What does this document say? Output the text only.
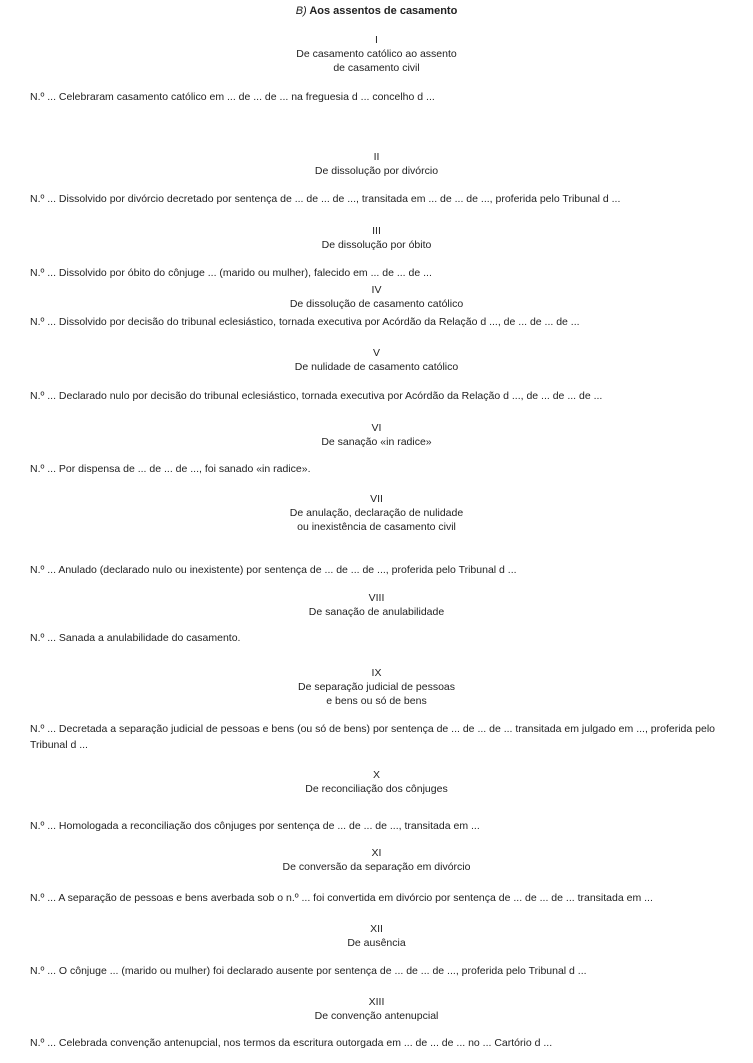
B) Aos assentos de casamento
I
De casamento católico ao assento
de casamento civil
N.º ... Celebraram casamento católico em ... de ... de ... na freguesia d ... concelho d ...
II
De dissolução por divórcio
N.º ... Dissolvido por divórcio decretado por sentença de ... de ... de ..., transitada em ... de ... de ..., proferida pelo Tribunal d ...
III
De dissolução por óbito
N.º ... Dissolvido por óbito do cônjuge ... (marido ou mulher), falecido em ... de ... de ...
IV
De dissolução de casamento católico
N.º ... Dissolvido por decisão do tribunal eclesiástico, tornada executiva por Acórdão da Relação d ..., de ... de ... de ...
V
De nulidade de casamento católico
N.º ... Declarado nulo por decisão do tribunal eclesiástico, tornada executiva por Acórdão da Relação d ..., de ... de ... de ...
VI
De sanação «in radice»
N.º ... Por dispensa de ... de ... de ..., foi sanado «in radice».
VII
De anulação, declaração de nulidade
ou inexistência de casamento civil
N.º ... Anulado (declarado nulo ou inexistente) por sentença de ... de ... de ..., proferida pelo Tribunal d ...
VIII
De sanação de anulabilidade
N.º ... Sanada a anulabilidade do casamento.
IX
De separação judicial de pessoas
e bens ou só de bens
N.º ... Decretada a separação judicial de pessoas e bens (ou só de bens) por sentença de ... de ... de ... transitada em julgado em ..., proferida pelo Tribunal d ...
X
De reconciliação dos cônjuges
N.º ... Homologada a reconciliação dos cônjuges por sentença de ... de ... de ..., transitada em ...
XI
De conversão da separação em divórcio
N.º ... A separação de pessoas e bens averbada sob o n.º ... foi convertida em divórcio por sentença de ... de ... de ... transitada em ...
XII
De ausência
N.º ... O cônjuge ... (marido ou mulher) foi declarado ausente por sentença de ... de ... de ..., proferida pelo Tribunal d ...
XIII
De convenção antenupcial
N.º ... Celebrada convenção antenupcial, nos termos da escritura outorgada em ... de ... de ... no ... Cartório d ...
